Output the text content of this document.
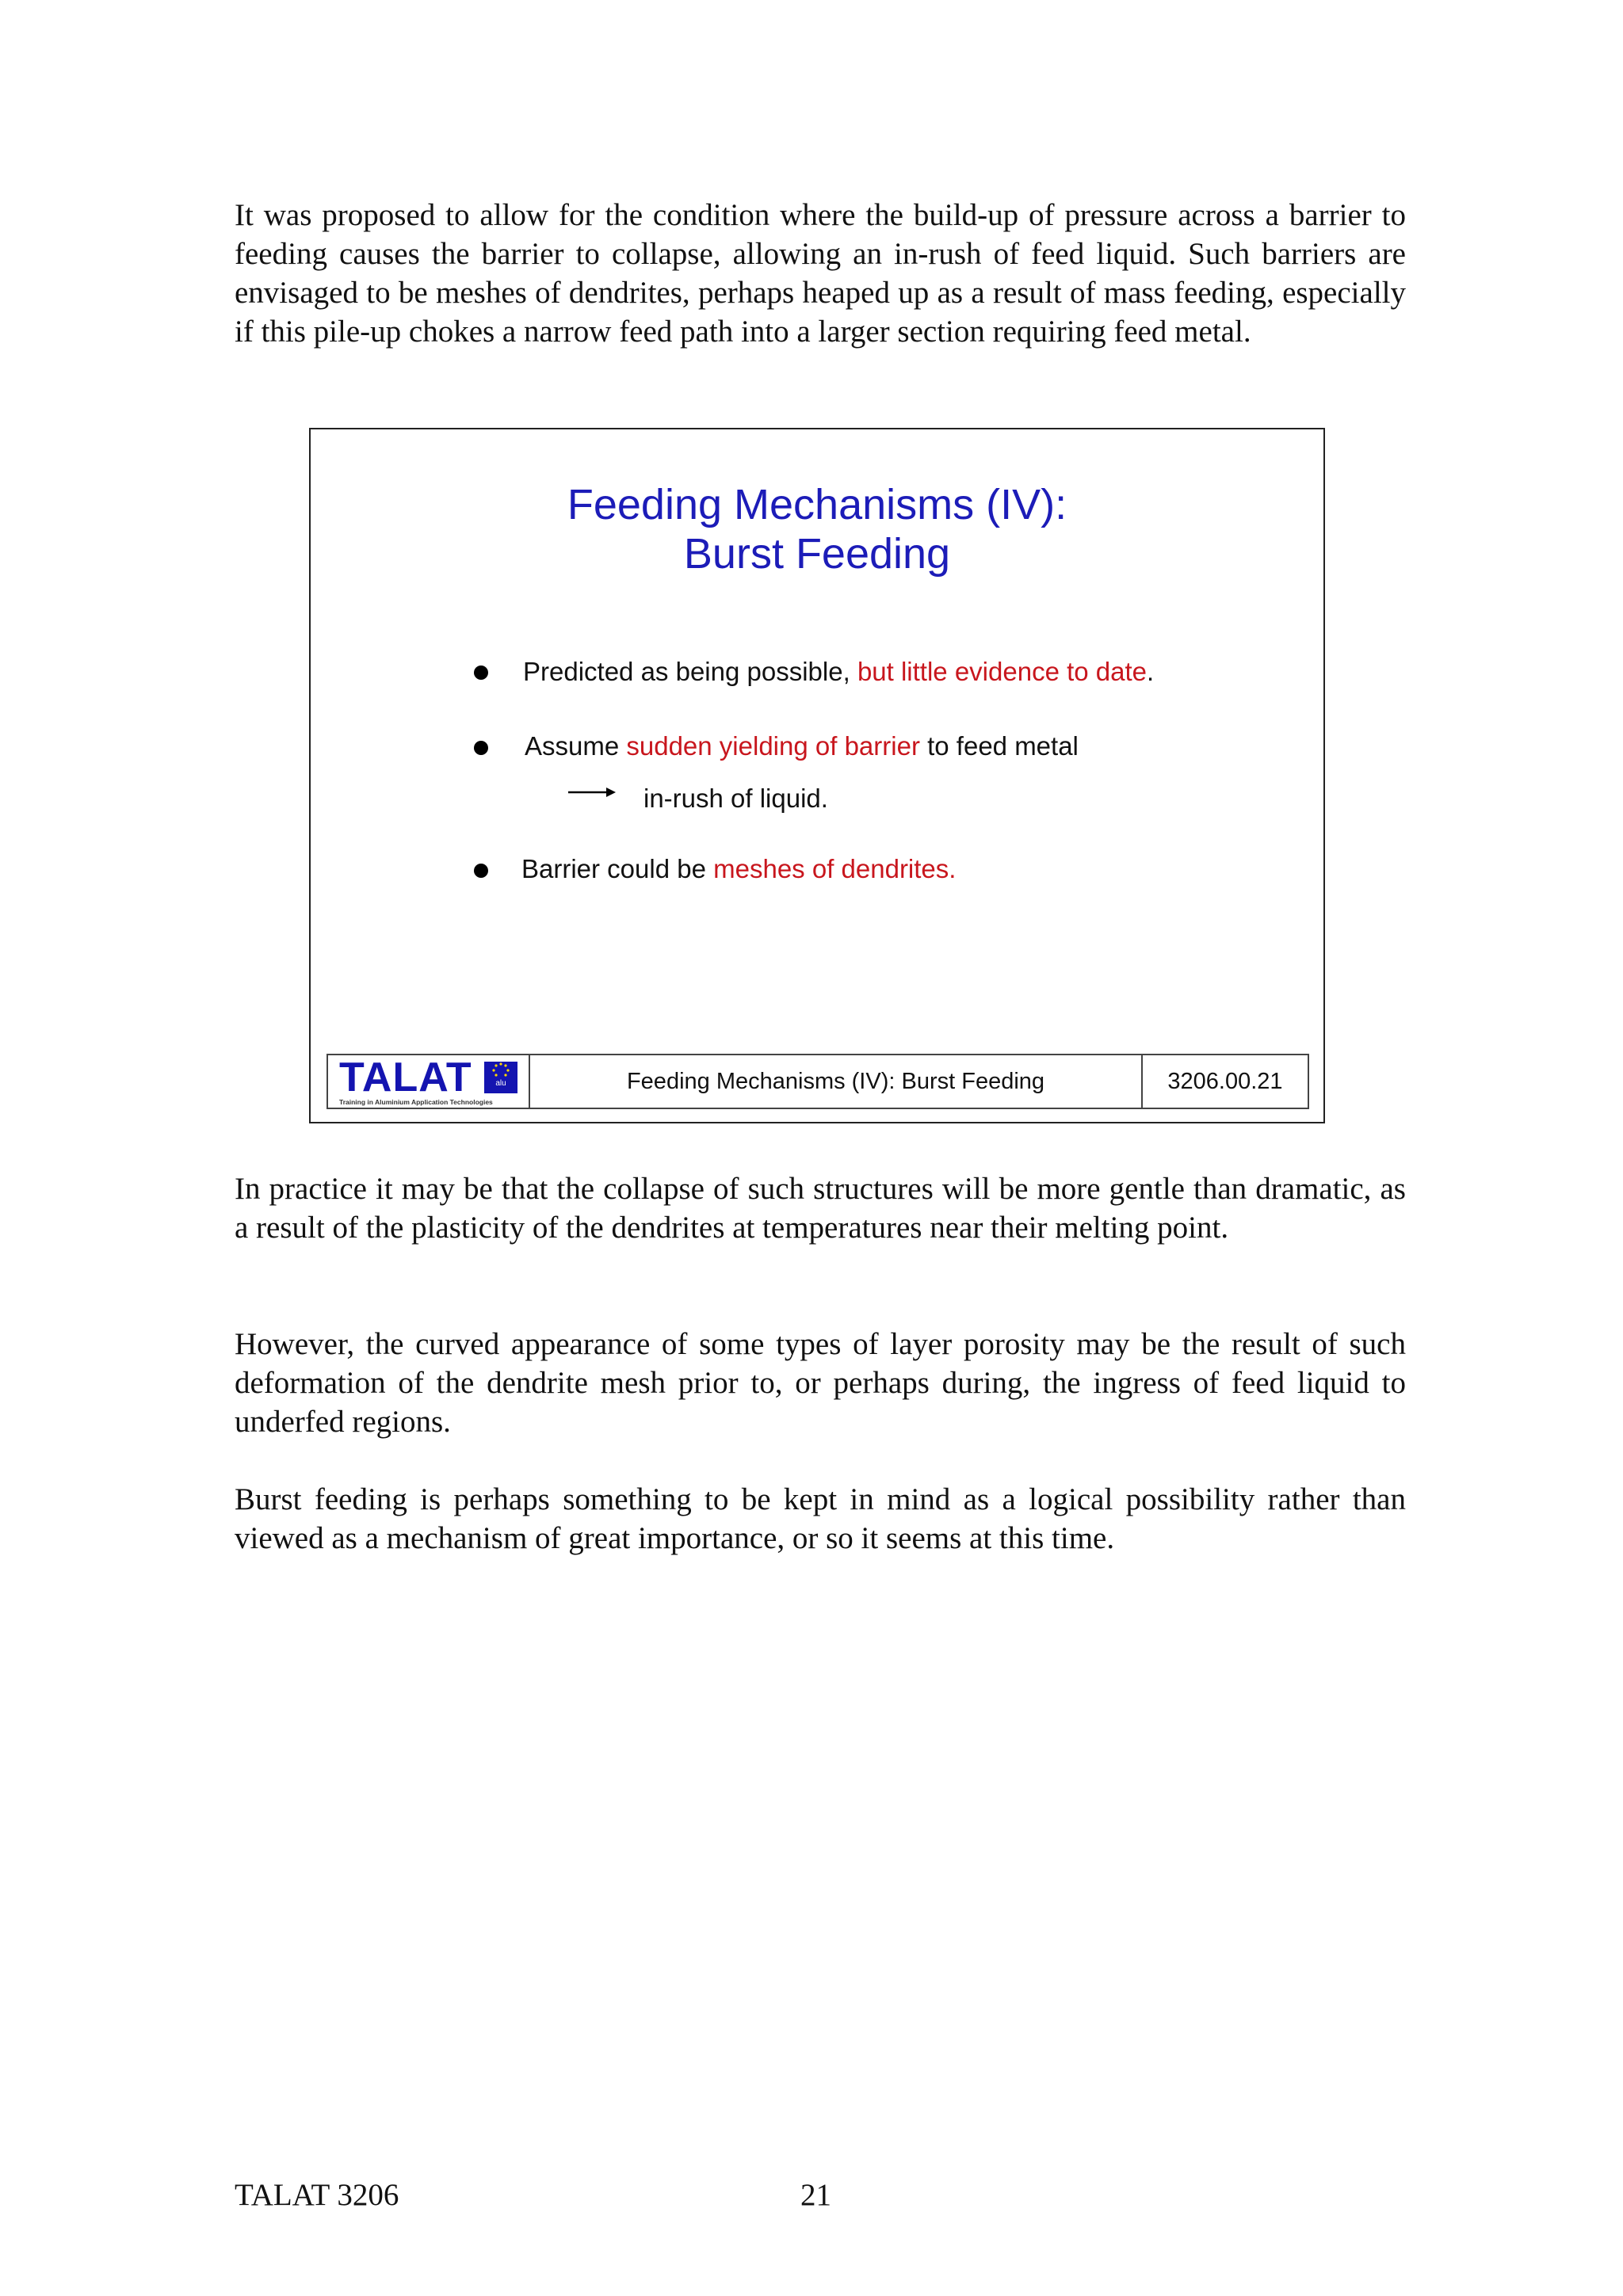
It was proposed to allow for the condition where the build-up of pressure across a barrier to feeding causes the barrier to collapse, allowing an in-rush of feed liquid. Such barriers are envisaged to be meshes of dendrites, perhaps heaped up as a result of mass feeding, especially if this pile-up chokes a narrow feed path into a larger section requiring feed metal.

Feeding Mechanisms (IV):
Burst Feeding
Predicted as being possible, but little evidence to date.
Assume sudden yielding of barrier to feed metal
in-rush of liquid.
Barrier could be meshes of dendrites.
TALAT	alu
Training in Aluminium Application Technologies
Feeding Mechanisms (IV): Burst Feeding	3206.00.21

In practice it may be that the collapse of such structures will be more gentle than dramatic, as a result of the plasticity of the dendrites at temperatures near their melting point.

However, the curved appearance of some types of layer porosity may be the result of such deformation of the dendrite mesh prior to, or perhaps during, the ingress of feed liquid to underfed regions.

Burst feeding is perhaps something to be kept in mind as a logical possibility rather than viewed as a mechanism of great importance, or so it seems at this time.

TALAT 3206	21
